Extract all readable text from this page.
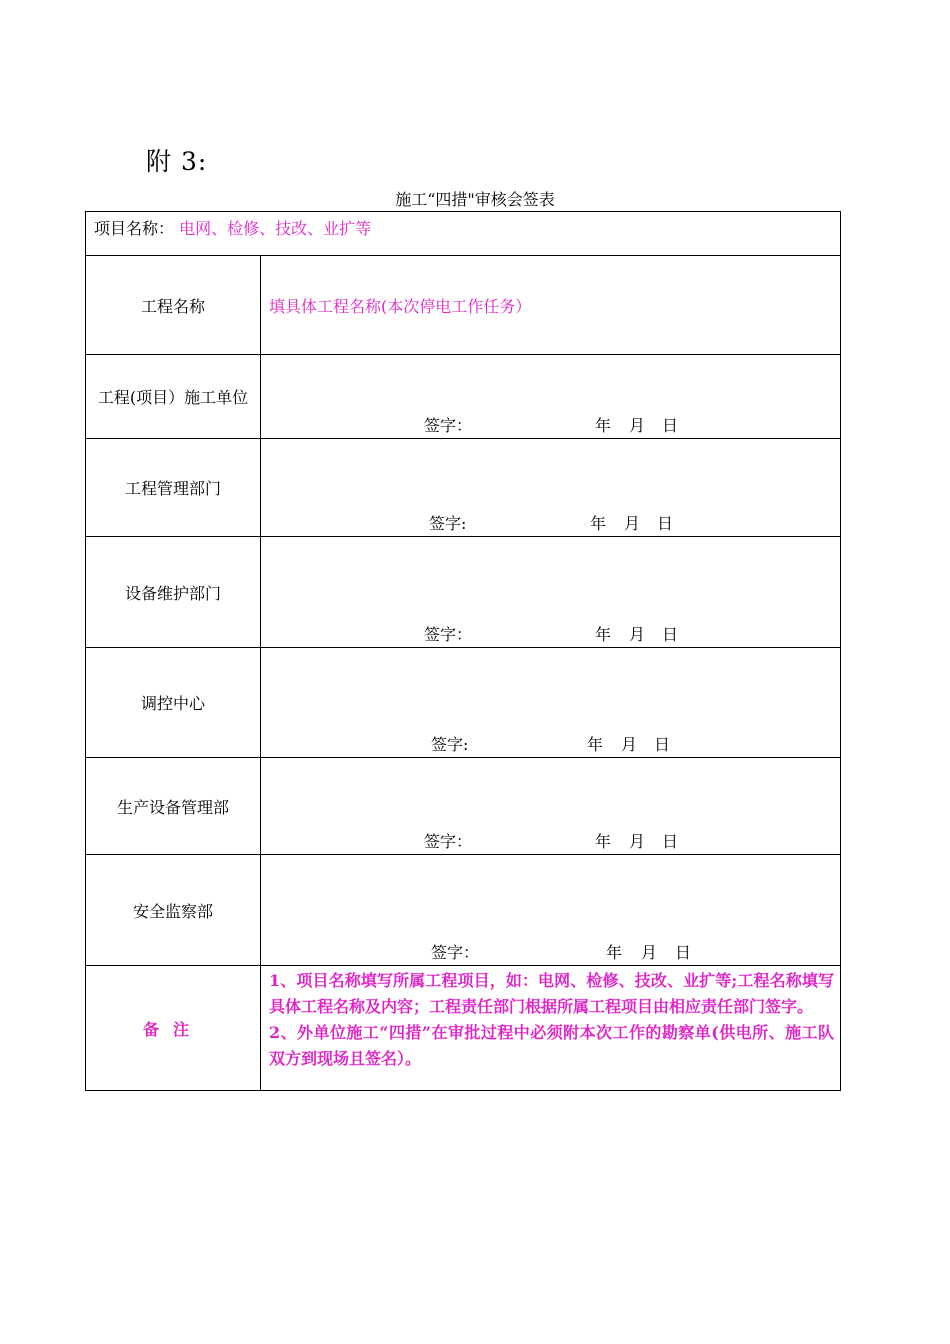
附 3:
施工“四措"审核会签表
项目名称： 电网、检修、技改、业扩等	
工程名称	填具体工程名称(本次停电工作任务）
工程(项目）施工单位	签字： 年 月 日

工程管理部门	签字: 年 月 日

设备维护部门	签字： 年 月 日

调控中心	签字: 年 月 日

生产设备管理部	签字： 年 月 日

安全监察部	签字： 年 月 日

备注	1、项目名称填写所属工程项目，如：电网、检修、技改、业扩等;工程名称填写具体工程名称及内容；工程责任部门根据所属工程项目由相应责任部门签字。

2、外单位施工“四措”在审批过程中必须附本次工作的勘察单(供电所、施工队双方到现场且签名）。
